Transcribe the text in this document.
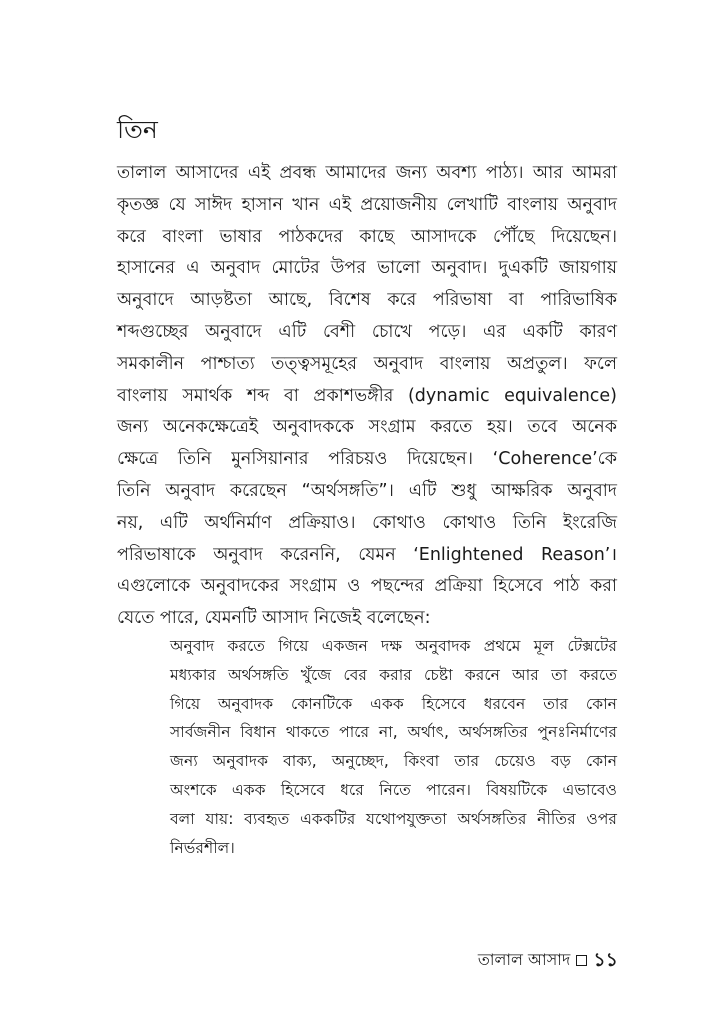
তিন

তালাল আসাদের এই প্রবন্ধ আমাদের জন্য অবশ্য পাঠ্য। আর আমরা
কৃতজ্ঞ যে সাঈদ হাসান খান এই প্রয়োজনীয় লেখাটি বাংলায় অনুবাদ
করে বাংলা ভাষার পাঠকদের কাছে আসাদকে পৌঁছে দিয়েছেন।
হাসানের এ অনুবাদ মোটের উপর ভালো অনুবাদ। দুএকটি জায়গায়
অনুবাদে আড়ষ্টতা আছে, বিশেষ করে পরিভাষা বা পারিভাষিক
শব্দগুচ্ছের অনুবাদে এটি বেশী চোখে পড়ে। এর একটি কারণ
সমকালীন পাশ্চাত্য তত্ত্বসমূহের অনুবাদ বাংলায় অপ্রতুল। ফলে
বাংলায় সমার্থক শব্দ বা প্রকাশভঙ্গীর (dynamic equivalence)
জন্য অনেকক্ষেত্রেই অনুবাদককে সংগ্রাম করতে হয়। তবে অনেক
ক্ষেত্রে তিনি মুনসিয়ানার পরিচয়ও দিয়েছেন। ‘Coherence’কে
তিনি অনুবাদ করেছেন “অর্থসঙ্গতি”। এটি শুধু আক্ষরিক অনুবাদ
নয়, এটি অর্থনির্মাণ প্রক্রিয়াও। কোথাও কোথাও তিনি ইংরেজি
পরিভাষাকে অনুবাদ করেননি, যেমন ‘Enlightened Reason’।
এগুলোকে অনুবাদকের সংগ্রাম ও পছন্দের প্রক্রিয়া হিসেবে পাঠ করা
যেতে পারে, যেমনটি আসাদ নিজেই বলেছেন:

অনুবাদ করতে গিয়ে একজন দক্ষ অনুবাদক প্রথমে মূল টেক্সটের
মধ্যকার অর্থসঙ্গতি খুঁজে বের করার চেষ্টা করনে আর তা করতে
গিয়ে অনুবাদক কোনটিকে একক হিসেবে ধরবেন তার কোন
সার্বজনীন বিধান থাকতে পারে না, অর্থাৎ, অর্থসঙ্গতির পুনঃনির্মাণের
জন্য অনুবাদক বাক্য, অনুচ্ছেদ, কিংবা তার চেয়েও বড় কোন
অংশকে একক হিসেবে ধরে নিতে পারেন। বিষয়টিকে এভাবেও
বলা যায়: ব্যবহৃত এককটির যথোপযুক্ততা অর্থসঙ্গতির নীতির ওপর
নির্ভরশীল।
তালাল আসাদ ১১
